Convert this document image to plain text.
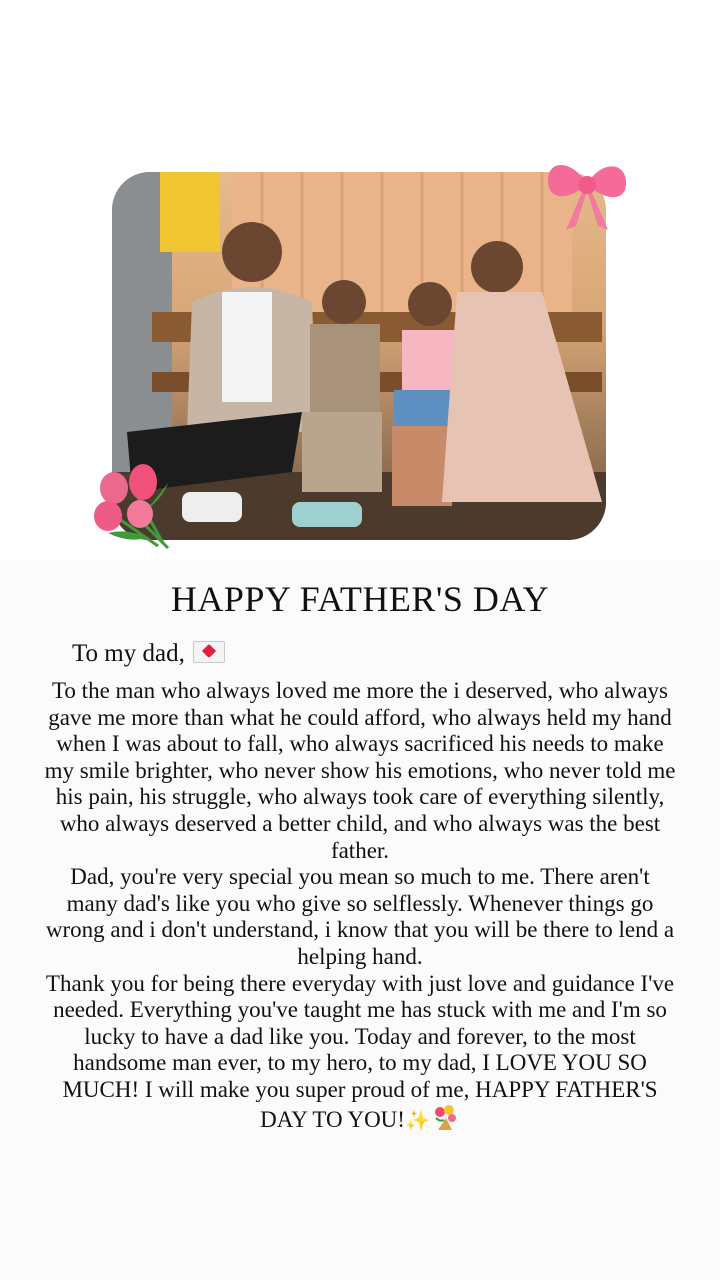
HAPPY FATHER'S DAY
To my dad,

To the man who always loved me more the i deserved, who always gave me more than what he could afford, who always held my hand when I was about to fall, who always sacrificed his needs to make my smile brighter, who never show his emotions, who never told me his pain, his struggle, who always took care of everything silently, who always deserved a better child, and who always was the best father.

Dad, you're very special you mean so much to me. There aren't many dad's like you who give so selflessly. Whenever things go wrong and i don't understand, i know that you will be there to lend a helping hand.

Thank you for being there everyday with just love and guidance I've needed. Everything you've taught me has stuck with me and I'm so lucky to have a dad like you. Today and forever, to the most handsome man ever, to my hero, to my dad, I LOVE YOU SO MUCH! I will make you super proud of me, HAPPY FATHER'S DAY TO YOU!✨
